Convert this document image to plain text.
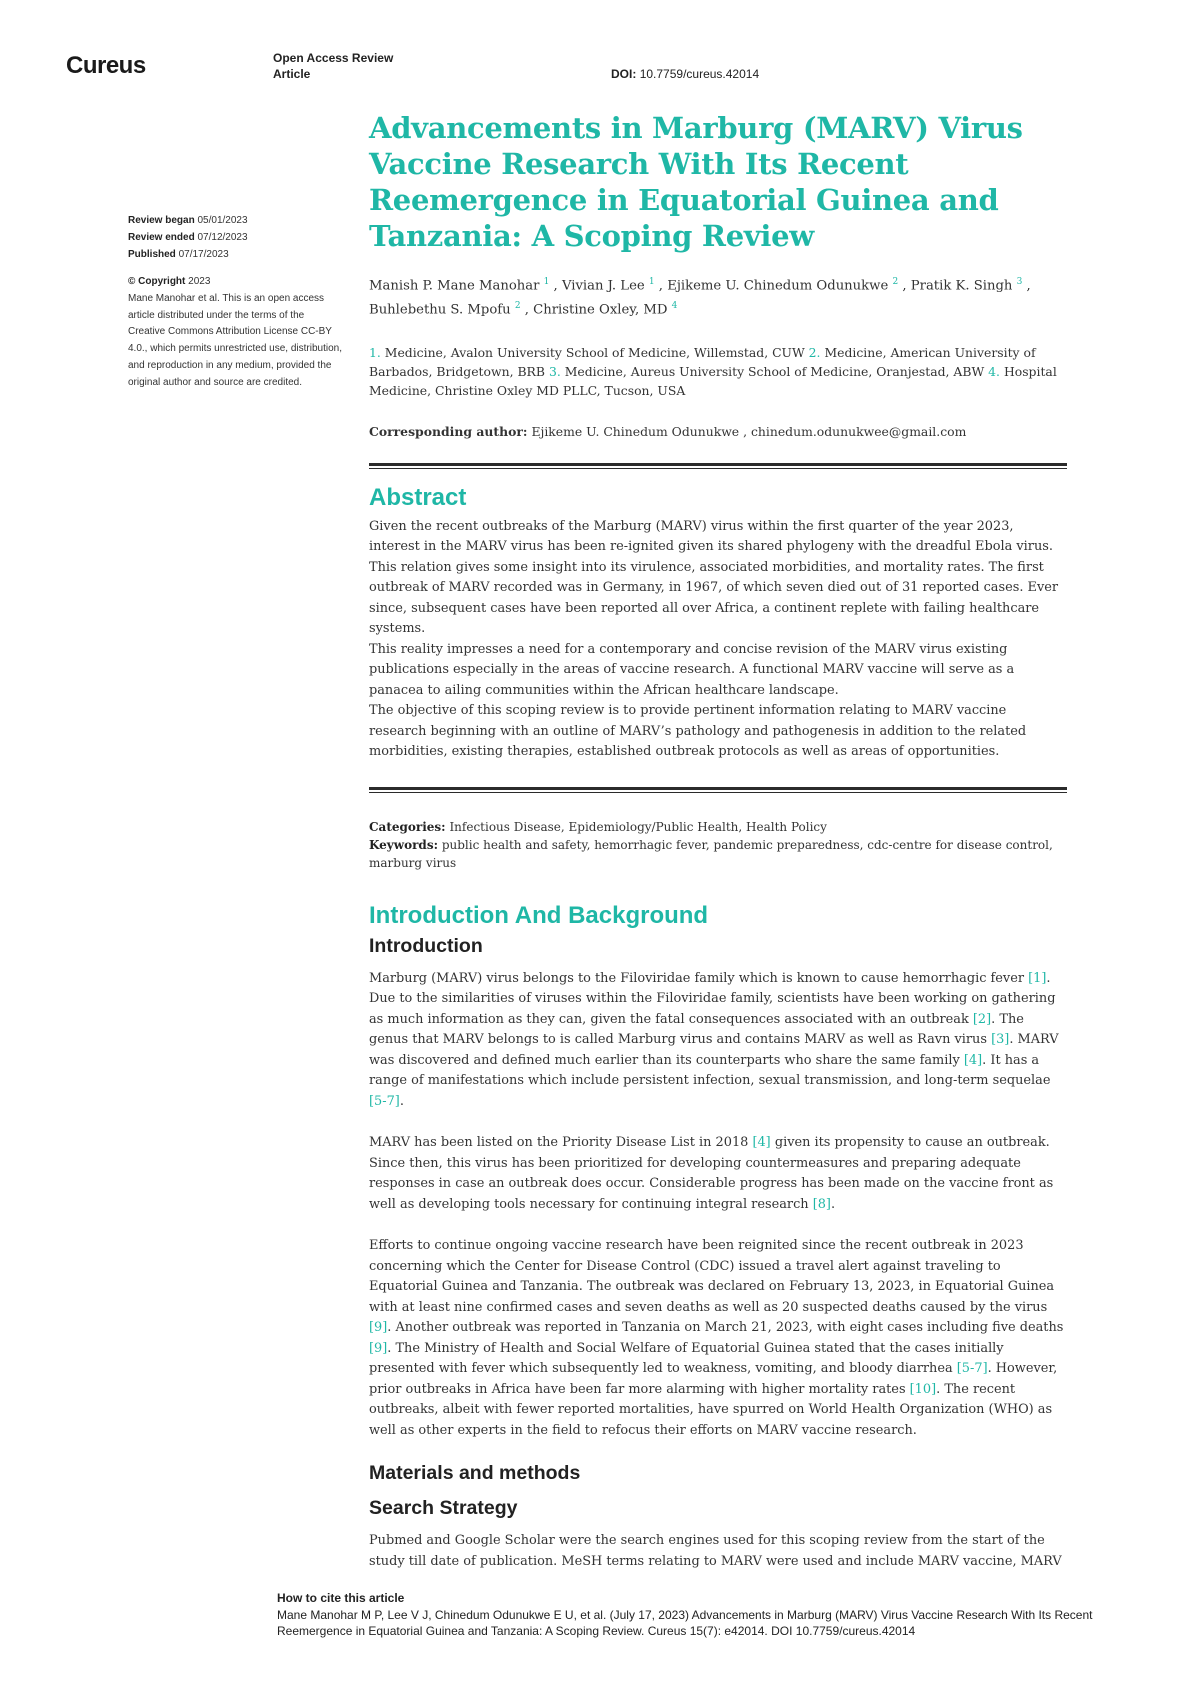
Cureus	Open Access Review
Article	DOI: 10.7759/cureus.42014
Review began 05/01/2023
Review ended 07/12/2023
Published 07/17/2023
© Copyright 2023
Mane Manohar et al. This is an open access article distributed under the terms of the Creative Commons Attribution License CC-BY 4.0., which permits unrestricted use, distribution, and reproduction in any medium, provided the original author and source are credited.
Advancements in Marburg (MARV) Virus Vaccine Research With Its Recent Reemergence in Equatorial Guinea and Tanzania: A Scoping Review
Manish P. Mane Manohar $^1$ , Vivian J. Lee $^1$ , Ejikeme U. Chinedum Odunukwe $^2$ , Pratik K. Singh $^3$ , Buhlebethu S. Mpofu $^2$ , Christine Oxley, MD $^4$
1. Medicine, Avalon University School of Medicine, Willemstad, CUW 2. Medicine, American University of Barbados, Bridgetown, BRB 3. Medicine, Aureus University School of Medicine, Oranjestad, ABW 4. Hospital Medicine, Christine Oxley MD PLLC, Tucson, USA
Corresponding author: Ejikeme U. Chinedum Odunukwe , chinedum.odunukwee@gmail.com
Abstract

Given the recent outbreaks of the Marburg (MARV) virus within the first quarter of the year 2023, interest in the MARV virus has been re-ignited given its shared phylogeny with the dreadful Ebola virus. This relation gives some insight into its virulence, associated morbidities, and mortality rates. The first outbreak of MARV recorded was in Germany, in 1967, of which seven died out of 31 reported cases. Ever since, subsequent cases have been reported all over Africa, a continent replete with failing healthcare systems.

This reality impresses a need for a contemporary and concise revision of the MARV virus existing publications especially in the areas of vaccine research. A functional MARV vaccine will serve as a panacea to ailing communities within the African healthcare landscape.

The objective of this scoping review is to provide pertinent information relating to MARV vaccine research beginning with an outline of MARV’s pathology and pathogenesis in addition to the related morbidities, existing therapies, established outbreak protocols as well as areas of opportunities.

Categories: Infectious Disease, Epidemiology/Public Health, Health Policy
Keywords: public health and safety, hemorrhagic fever, pandemic preparedness, cdc-centre for disease control, marburg virus
Introduction And Background
Introduction

Marburg (MARV) virus belongs to the Filoviridae family which is known to cause hemorrhagic fever [1]. Due to the similarities of viruses within the Filoviridae family, scientists have been working on gathering as much information as they can, given the fatal consequences associated with an outbreak [2]. The genus that MARV belongs to is called Marburg virus and contains MARV as well as Ravn virus [3]. MARV was discovered and defined much earlier than its counterparts who share the same family [4]. It has a range of manifestations which include persistent infection, sexual transmission, and long-term sequelae [5-7].

MARV has been listed on the Priority Disease List in 2018 [4] given its propensity to cause an outbreak. Since then, this virus has been prioritized for developing countermeasures and preparing adequate responses in case an outbreak does occur. Considerable progress has been made on the vaccine front as well as developing tools necessary for continuing integral research [8].

Efforts to continue ongoing vaccine research have been reignited since the recent outbreak in 2023 concerning which the Center for Disease Control (CDC) issued a travel alert against traveling to Equatorial Guinea and Tanzania. The outbreak was declared on February 13, 2023, in Equatorial Guinea with at least nine confirmed cases and seven deaths as well as 20 suspected deaths caused by the virus [9]. Another outbreak was reported in Tanzania on March 21, 2023, with eight cases including five deaths [9]. The Ministry of Health and Social Welfare of Equatorial Guinea stated that the cases initially presented with fever which subsequently led to weakness, vomiting, and bloody diarrhea [5-7]. However, prior outbreaks in Africa have been far more alarming with higher mortality rates [10]. The recent outbreaks, albeit with fewer reported mortalities, have spurred on World Health Organization (WHO) as well as other experts in the field to refocus their efforts on MARV vaccine research.

Materials and methods
Search Strategy

Pubmed and Google Scholar were the search engines used for this scoping review from the start of the study till date of publication. MeSH terms relating to MARV were used and include MARV vaccine, MARV

How to cite this article
Mane Manohar M P, Lee V J, Chinedum Odunukwe E U, et al. (July 17, 2023) Advancements in Marburg (MARV) Virus Vaccine Research With Its Recent Reemergence in Equatorial Guinea and Tanzania: A Scoping Review. Cureus 15(7): e42014. DOI 10.7759/cureus.42014
